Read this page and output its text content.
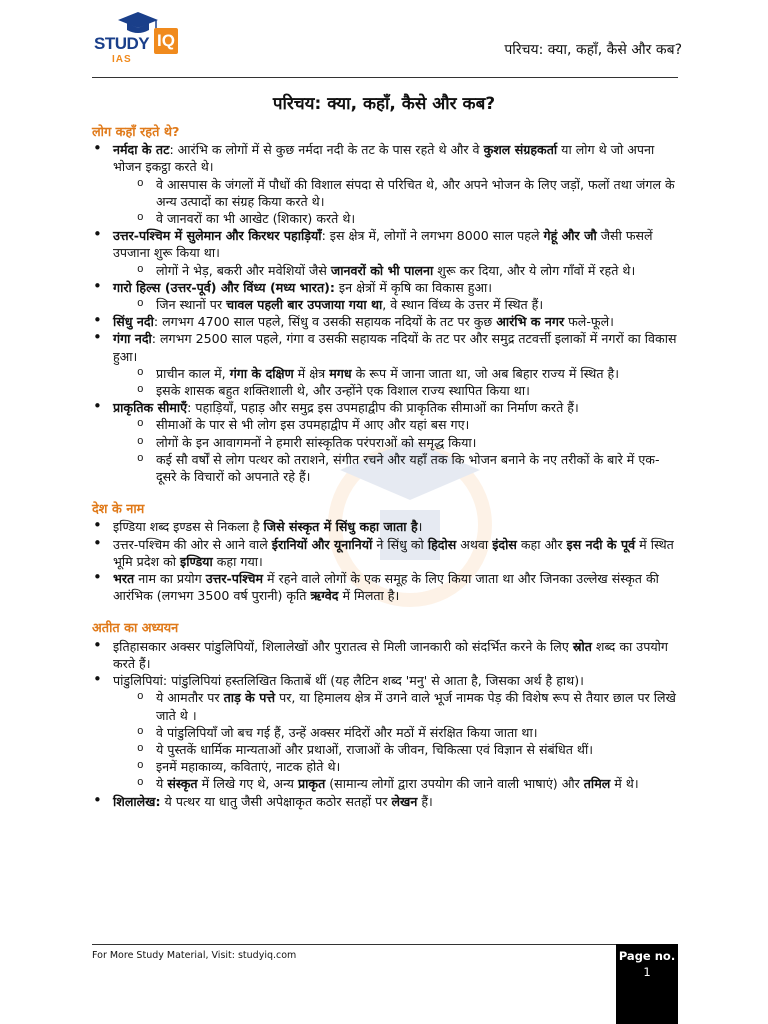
STUDY IQ
IAS
परिचय: क्या, कहाँ, कैसे और कब?
परिचय: क्या, कहाँ, कैसे और कब?

लोग कहाँ रहते थे?

• नर्मदा के तट: आरंभि क लोगों में से कुछ नर्मदा नदी के तट के पास रहते थे और वे कुशल संग्रहकर्ता या लोग थे जो अपना भोजन इकट्ठा करते थे।
o वे आसपास के जंगलों में पौधों की विशाल संपदा से परिचित थे, और अपने भोजन के लिए जड़ों, फलों तथा जंगल के अन्य उत्पादों का संग्रह किया करते थे।
o वे जानवरों का भी आखेट (शिकार) करते थे।
• उत्तर-पश्चिम में सुलेमान और किरथर पहाड़ियाँ: इस क्षेत्र में, लोगों ने लगभग 8000 साल पहले गेहूं और जौ जैसी फसलें उपजाना शुरू किया था।
o लोगों ने भेड़, बकरी और मवेशियों जैसे जानवरों को भी पालना शुरू कर दिया, और ये लोग गाँवों में रहते थे।
• गारो हिल्स (उत्तर-पूर्व) और विंध्य (मध्य भारत): इन क्षेत्रों में कृषि का विकास हुआ।
o जिन स्थानों पर चावल पहली बार उपजाया गया था, वे स्थान विंध्य के उत्तर में स्थित हैं।
• सिंधु नदी: लगभग 4700 साल पहले, सिंधु व उसकी सहायक नदियों के तट पर कुछ आरंभि क नगर फले-फूले।
• गंगा नदी: लगभग 2500 साल पहले, गंगा व उसकी सहायक नदियों के तट पर और समुद्र तटवर्त्ती इलाकों में नगरों का विकास हुआ।
o प्राचीन काल में, गंगा के दक्षिण में क्षेत्र मगध के रूप में जाना जाता था, जो अब बिहार राज्य में स्थित है।
o इसके शासक बहुत शक्तिशाली थे, और उन्होंने एक विशाल राज्य स्थापित किया था।
• प्राकृतिक सीमाएँ: पहाड़ियाँ, पहाड़ और समुद्र इस उपमहाद्वीप की प्राकृतिक सीमाओं का निर्माण करते हैं।
o सीमाओं के पार से भी लोग इस उपमहाद्वीप में आए और यहां बस गए।
o लोगों के इन आवागमनों ने हमारी सांस्कृतिक परंपराओं को समृद्ध किया।
o कई सौ वर्षों से लोग पत्थर को तराशने, संगीत रचने और यहाँ तक कि भोजन बनाने के नए तरीकों के बारे में एक-दूसरे के विचारों को अपनाते रहे हैं।

देश के नाम

• इण्डिया शब्द इण्डस से निकला है जिसे संस्कृत में सिंधु कहा जाता है।
• उत्तर-पश्चिम की ओर से आने वाले ईरानियों और यूनानियों ने सिंधु को हिदोस अथवा इंदोस कहा और इस नदी के पूर्व में स्थित भूमि प्रदेश को इण्डिया कहा गया।
• भरत नाम का प्रयोग उत्तर-पश्चिम में रहने वाले लोगों के एक समूह के लिए किया जाता था और जिनका उल्लेख संस्कृत की आरंभिक (लगभग 3500 वर्ष पुरानी) कृति ऋग्वेद में मिलता है।

अतीत का अध्ययन

• इतिहासकार अक्सर पांडुलिपियों, शिलालेखों और पुरातत्व से मिली जानकारी को संदर्भित करने के लिए स्रोत शब्द का उपयोग करते हैं।
• पांडुलिपियां: पांडुलिपियां हस्तलिखित किताबें थीं (यह लैटिन शब्द 'मनु' से आता है, जिसका अर्थ है हाथ)।
o ये आमतौर पर ताड़ के पत्ते पर, या हिमालय क्षेत्र में उगने वाले भूर्ज नामक पेड़ की विशेष रूप से तैयार छाल पर लिखे जाते थे ।
o वे पांडुलिपियाँ जो बच गई हैं, उन्हें अक्सर मंदिरों और मठों में संरक्षित किया जाता था।
o ये पुस्तकें धार्मिक मान्यताओं और प्रथाओं, राजाओं के जीवन, चिकित्सा एवं विज्ञान से संबंधित थीं।
o इनमें महाकाव्य, कविताएं, नाटक होते थे।
o ये संस्कृत में लिखे गए थे, अन्य प्राकृत (सामान्य लोगों द्वारा उपयोग की जाने वाली भाषाएं) और तमिल में थे।
• शिलालेख: ये पत्थर या धातु जैसी अपेक्षाकृत कठोर सतहों पर लेखन हैं।
For More Study Material, Visit: studyiq.com	Page no.
1
